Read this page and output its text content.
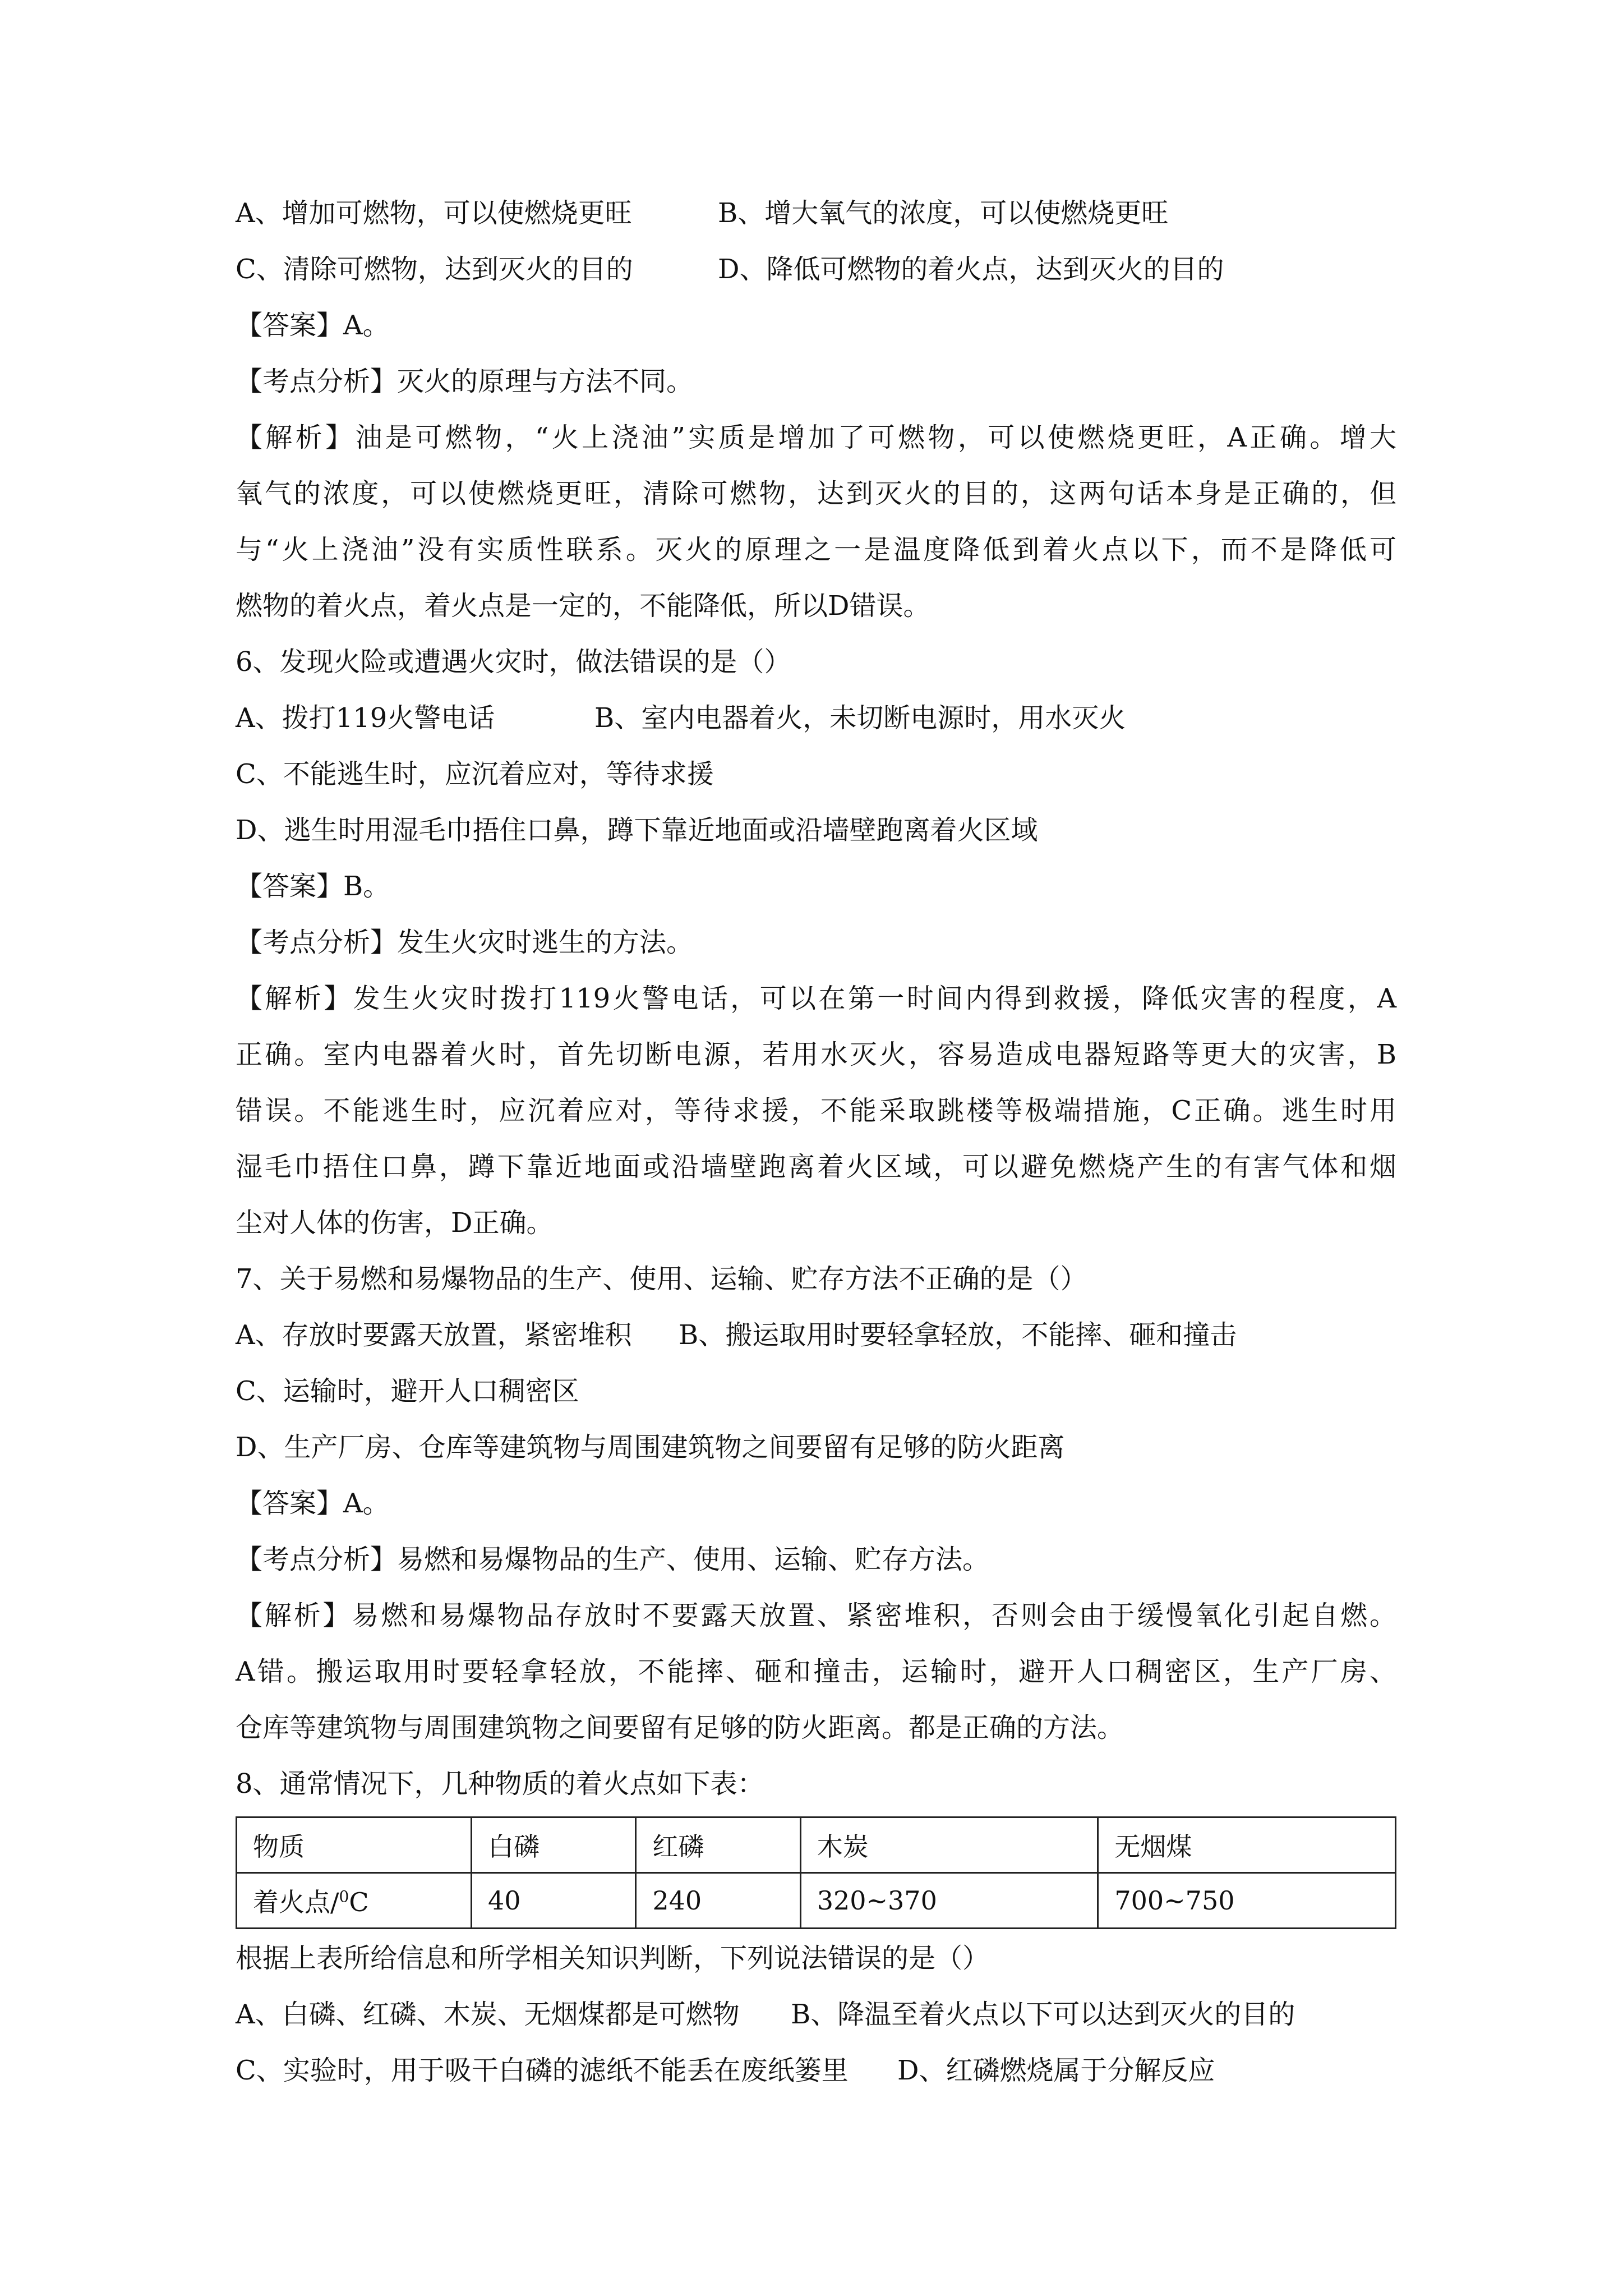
A、增加可燃物，可以使燃烧更旺	B、增大氧气的浓度，可以使燃烧更旺
C、清除可燃物，达到灭火的目的	D、降低可燃物的着火点，达到灭火的目的
【答案】A。
【考点分析】灭火的原理与方法不同。
【解析】油是可燃物，“火上浇油”实质是增加了可燃物，可以使燃烧更旺，A正确。增大
氧气的浓度，可以使燃烧更旺，清除可燃物，达到灭火的目的，这两句话本身是正确的，但
与“火上浇油”没有实质性联系。灭火的原理之一是温度降低到着火点以下，而不是降低可
燃物的着火点，着火点是一定的，不能降低，所以D错误。
6、发现火险或遭遇火灾时，做法错误的是（）
A、拨打119火警电话	B、室内电器着火，未切断电源时，用水灭火
C、不能逃生时，应沉着应对，等待求援
D、逃生时用湿毛巾捂住口鼻，蹲下靠近地面或沿墙壁跑离着火区域
【答案】B。
【考点分析】发生火灾时逃生的方法。
【解析】发生火灾时拨打119火警电话，可以在第一时间内得到救援，降低灾害的程度，A
正确。室内电器着火时，首先切断电源，若用水灭火，容易造成电器短路等更大的灾害，B
错误。不能逃生时，应沉着应对，等待求援，不能采取跳楼等极端措施，C正确。逃生时用
湿毛巾捂住口鼻，蹲下靠近地面或沿墙壁跑离着火区域，可以避免燃烧产生的有害气体和烟
尘对人体的伤害，D正确。
7、关于易燃和易爆物品的生产、使用、运输、贮存方法不正确的是（）
A、存放时要露天放置，紧密堆积	B、搬运取用时要轻拿轻放，不能摔、砸和撞击
C、运输时，避开人口稠密区
D、生产厂房、仓库等建筑物与周围建筑物之间要留有足够的防火距离
【答案】A。
【考点分析】易燃和易爆物品的生产、使用、运输、贮存方法。
【解析】易燃和易爆物品存放时不要露天放置、紧密堆积，否则会由于缓慢氧化引起自燃。
A错。搬运取用时要轻拿轻放，不能摔、砸和撞击，运输时，避开人口稠密区，生产厂房、
仓库等建筑物与周围建筑物之间要留有足够的防火距离。都是正确的方法。
8、通常情况下，几种物质的着火点如下表：
物质	白磷	红磷	木炭	无烟煤
着火点/$^0$C	40	240	320~370	700~750
根据上表所给信息和所学相关知识判断，下列说法错误的是（）
A、白磷、红磷、木炭、无烟煤都是可燃物	B、降温至着火点以下可以达到灭火的目的
C、实验时，用于吸干白磷的滤纸不能丢在废纸篓里	D、红磷燃烧属于分解反应
